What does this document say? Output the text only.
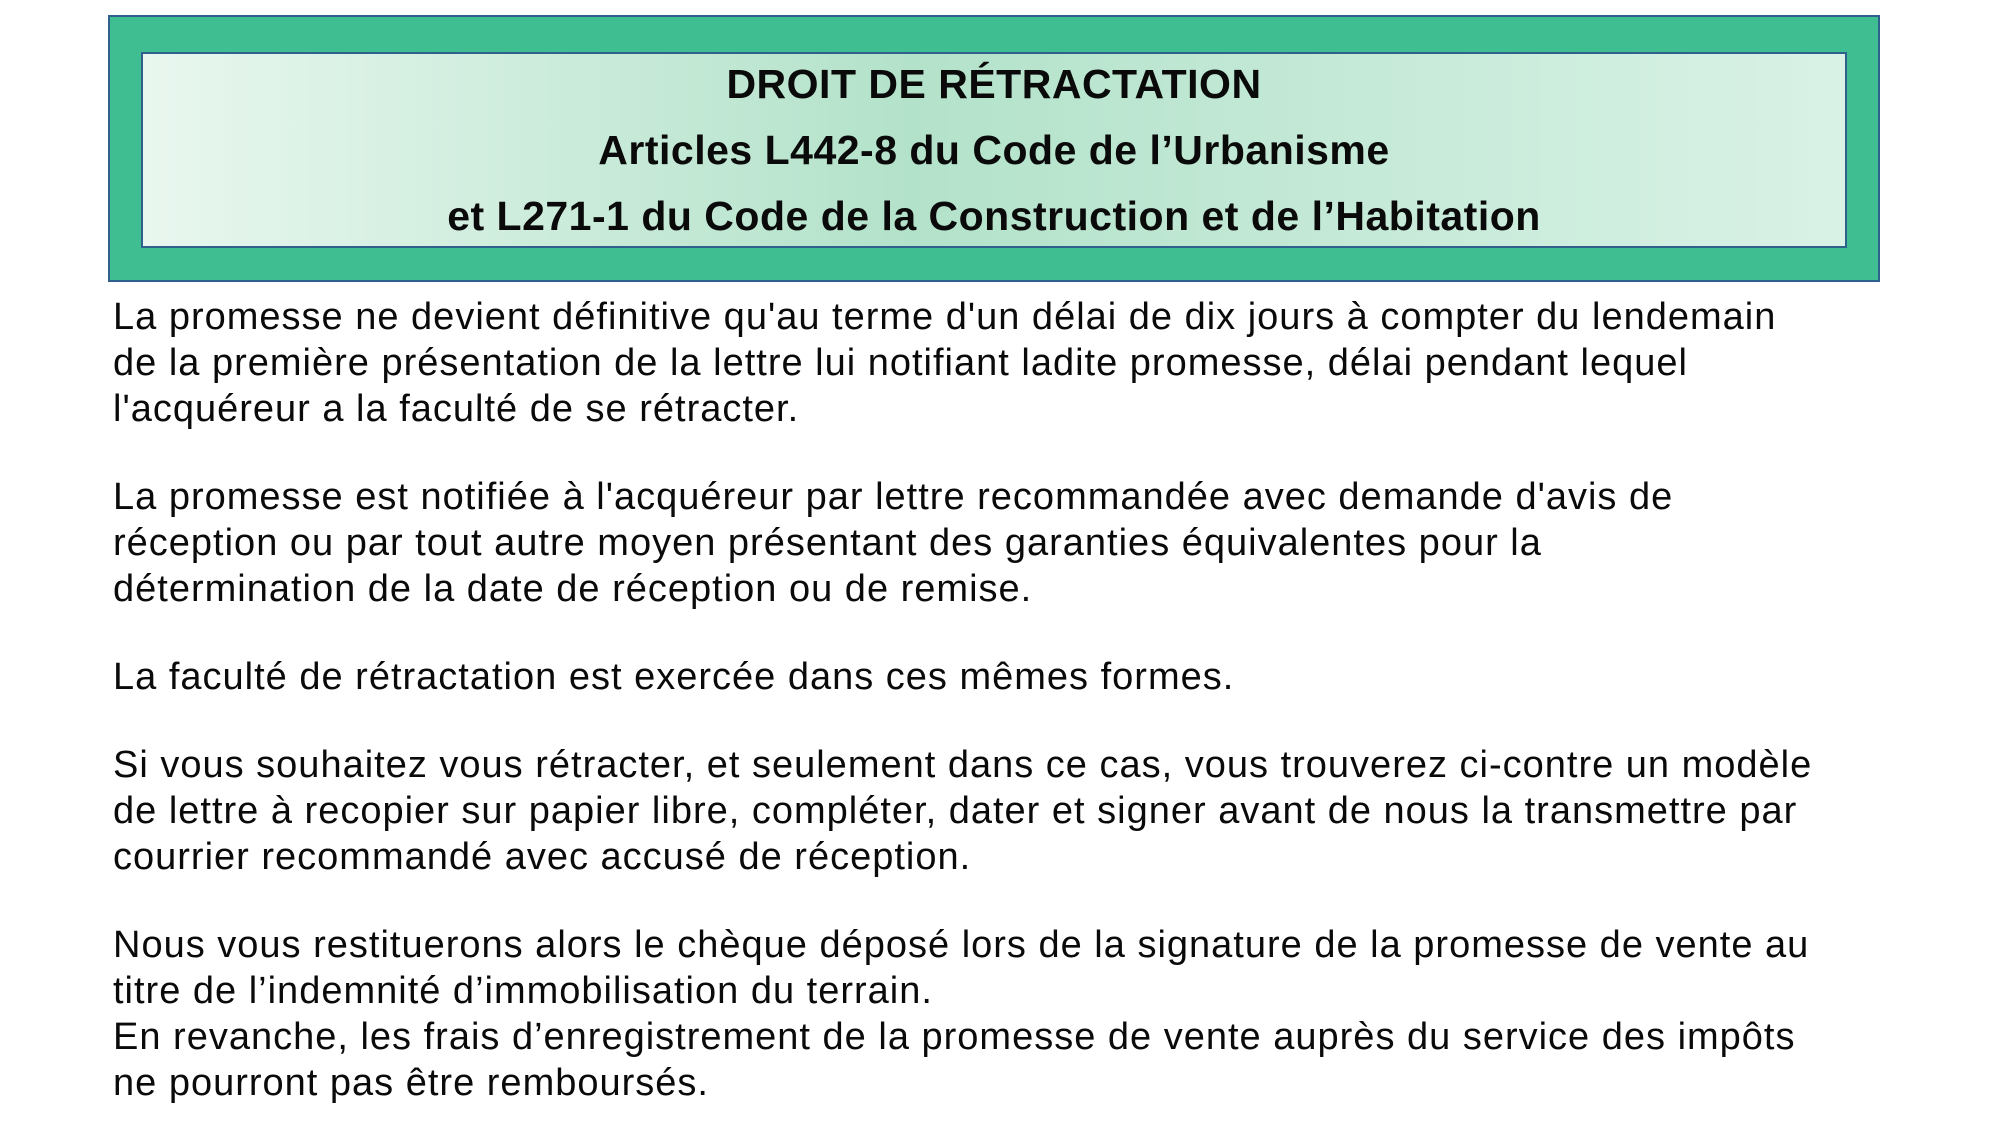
DROIT DE RÉTRACTATION
Articles L442-8 du Code de l’Urbanisme
et L271-1 du Code de la Construction et de l’Habitation
La promesse ne devient définitive qu'au terme d'un délai de dix jours à compter du lendemain
de la première présentation de la lettre lui notifiant ladite promesse, délai pendant lequel
l'acquéreur a la faculté de se rétracter.
La promesse est notifiée à l'acquéreur par lettre recommandée avec demande d'avis de
réception ou par tout autre moyen présentant des garanties équivalentes pour la
détermination de la date de réception ou de remise.
La faculté de rétractation est exercée dans ces mêmes formes.
Si vous souhaitez vous rétracter, et seulement dans ce cas, vous trouverez ci-contre un modèle
de lettre à recopier sur papier libre, compléter, dater et signer avant de nous la transmettre par
courrier recommandé avec accusé de réception.
Nous vous restituerons alors le chèque déposé lors de la signature de la promesse de vente au
titre de l’indemnité d’immobilisation du terrain.
En revanche, les frais d’enregistrement de la promesse de vente auprès du service des impôts
ne pourront pas être remboursés.
